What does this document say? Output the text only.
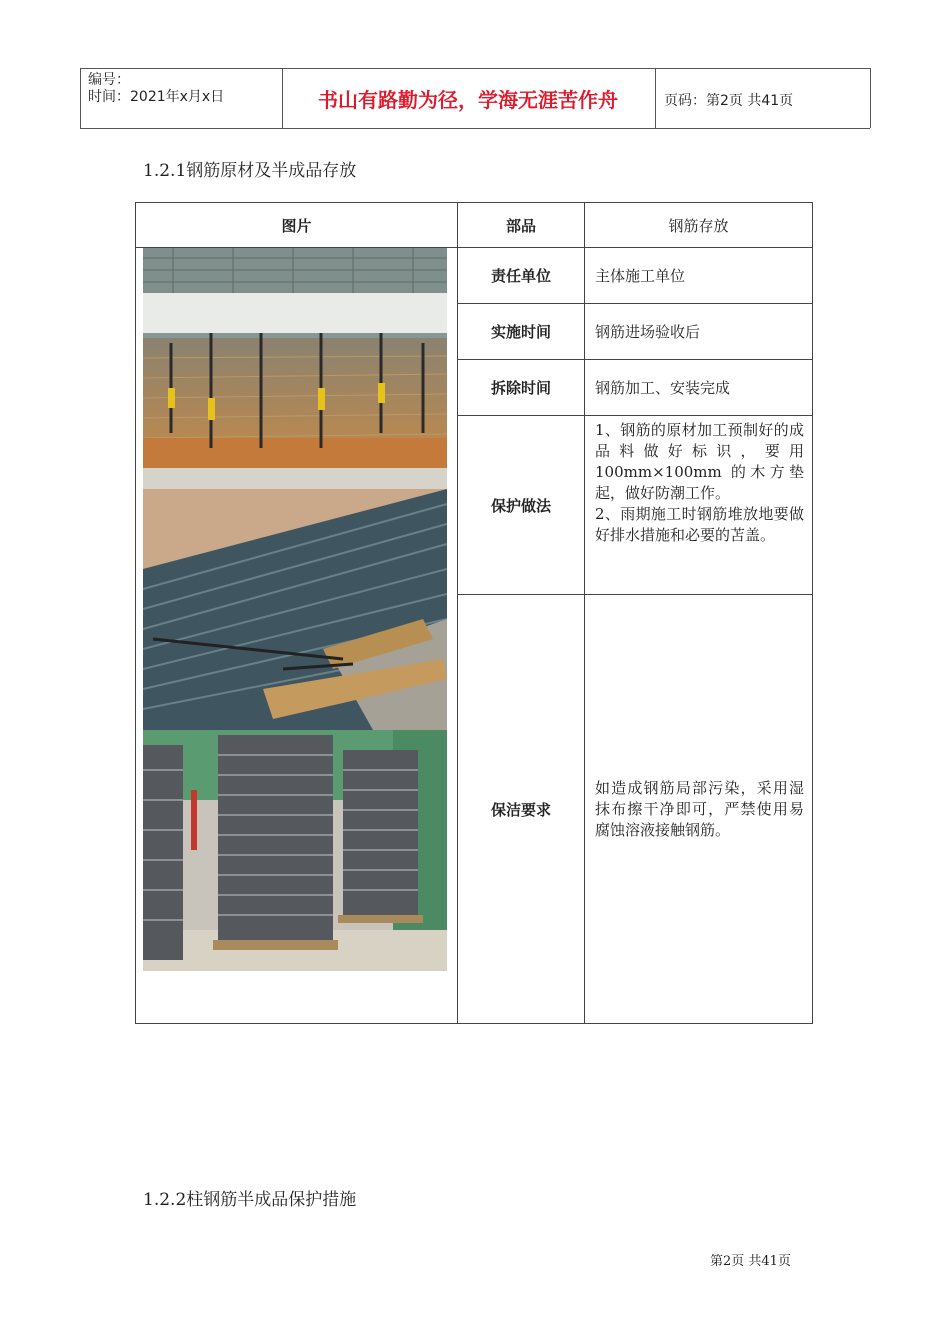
编号：
时间：2021年x月x日	书山有路勤为径，学海无涯苦作舟	页码：第2页 共41页
1.2.1钢筋原材及半成品存放
图片	部品	钢筋存放

	责任单位	主体施工单位
	实施时间	钢筋进场验收后
	拆除时间	钢筋加工、安装完成
	保护做法	1、钢筋的原材加工预制好的成品料做好标识，要用100mm×100mm 的木方垫起，做好防潮工作。
2、雨期施工时钢筋堆放地要做好排水措施和必要的苫盖。

	保洁要求	如造成钢筋局部污染，采用湿抹布擦干净即可，严禁使用易腐蚀溶液接触钢筋。
1.2.2柱钢筋半成品保护措施
第2页 共41页
